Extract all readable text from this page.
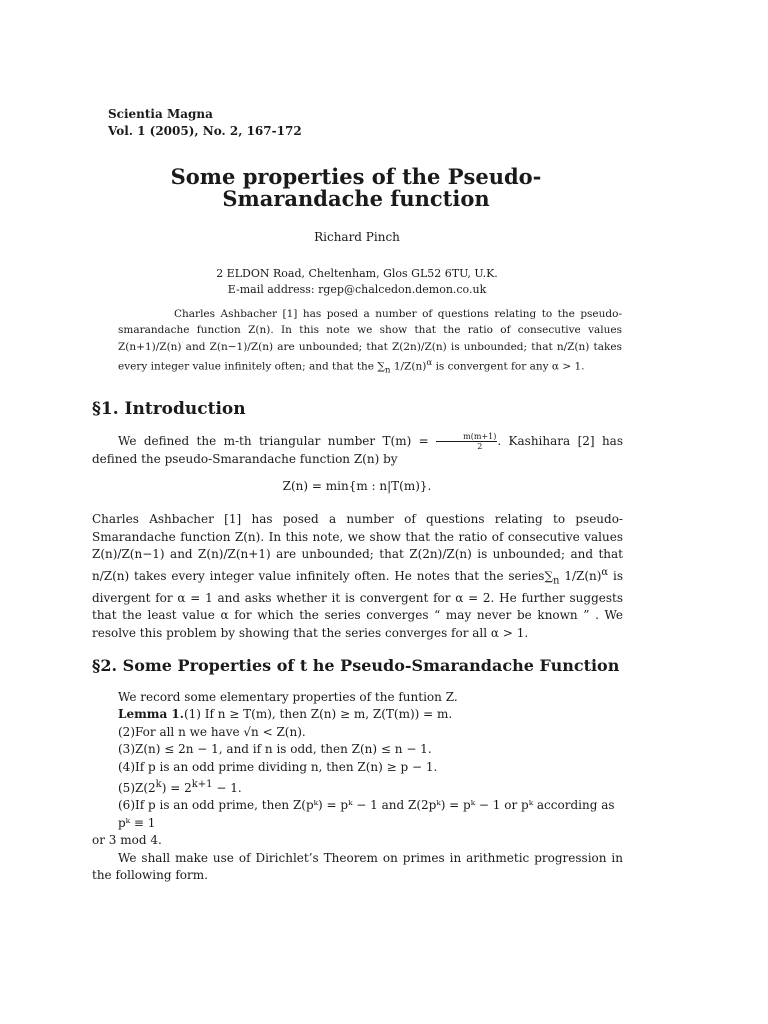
Scientia Magna
Vol. 1 (2005), No. 2, 167-172
Some properties of the Pseudo-Smarandache function
Richard Pinch
2 ELDON Road, Cheltenham, Glos GL52 6TU, U.K.
E-mail address: rgep@chalcedon.demon.co.uk
Charles Ashbacher [1] has posed a number of questions relating to the pseudo-smarandache function Z(n). In this note we show that the ratio of consecutive values Z(n+1)/Z(n) and Z(n−1)/Z(n) are unbounded; that Z(2n)/Z(n) is unbounded; that n/Z(n) takes every integer value infinitely often; and that the $\sum_n$ $1/Z(n)^\alpha$ is convergent for any α > 1.
§1. Introduction
We defined the m-th triangular number $T(m) = \frac{m(m+1)}{2}$ . Kashihara [2] has defined the pseudo-Smarandache function Z(n) by
Z(n) = min{m : n|T(m)}.
Charles Ashbacher [1] has posed a number of questions relating to pseudo-Smarandache function Z(n). In this note, we show that the ratio of consecutive values Z(n)/Z(n−1) and Z(n)/Z(n+1) are unbounded; that Z(2n)/Z(n) is unbounded; and that n/Z(n) takes every integer value infinitely often. He notes that the $series\sum_n$ $1/Z(n)^\alpha$ is divergent for α = 1 and asks whether it is convergent for α = 2. He further suggests that the least value α for which the series converges “ may never be known ” . We resolve this problem by showing that the series converges for all α > 1.
§2. Some Properties of t he Pseudo-Smarandache Function
We record some elementary properties of the funtion Z.
Lemma 1.(1) If n ≥ T(m), then Z(n) ≥ m, Z(T(m)) = m.
(2)For all n we have √n < Z(n).
(3)Z(n) ≤ 2n − 1, and if n is odd, then Z(n) ≤ n − 1.
(4)If p is an odd prime dividing n, then Z(n) ≥ p − 1.
$(5)Z(2^k) = 2^{k+1} - 1$.
(6)If p is an odd prime, then Z(pᵏ) = pᵏ − 1 and Z(2pᵏ) = pᵏ − 1 or pᵏ according as pᵏ ≡ 1
or 3 mod 4.
We shall make use of Dirichlet’s Theorem on primes in arithmetic progression in the following form.
